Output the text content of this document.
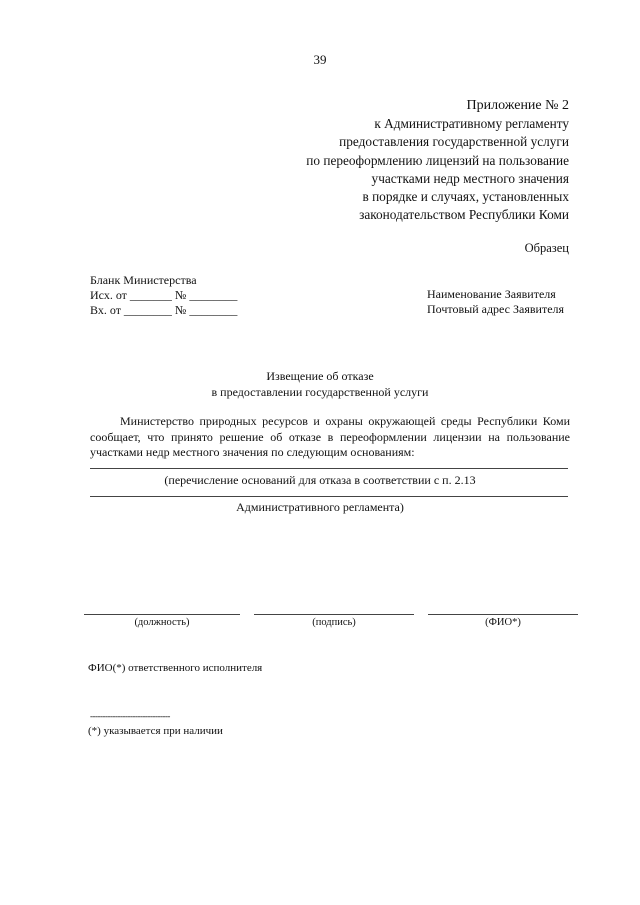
39
Приложение № 2
к Административному регламенту
предоставления государственной услуги
по переоформлению лицензий на пользование
участками недр местного значения
в порядке и случаях, установленных
законодательством Республики Коми
Образец
Бланк Министерства
Исх. от _______ № ________
Вх. от ________ № ________
Наименование Заявителя
Почтовый адрес Заявителя
Извещение об отказе
в предоставлении государственной услуги
Министерство природных ресурсов и охраны окружающей среды Республики Коми сообщает, что принято решение об отказе в переоформлении лицензии на пользование участками недр местного значения по следующим основаниям:
(перечисление оснований для отказа в соответствии с п. 2.13
Административного регламента)
(должность)	(подпись)	(ФИО*)
ФИО(*) ответственного исполнителя
--------------------------------
(*) указывается при наличии
